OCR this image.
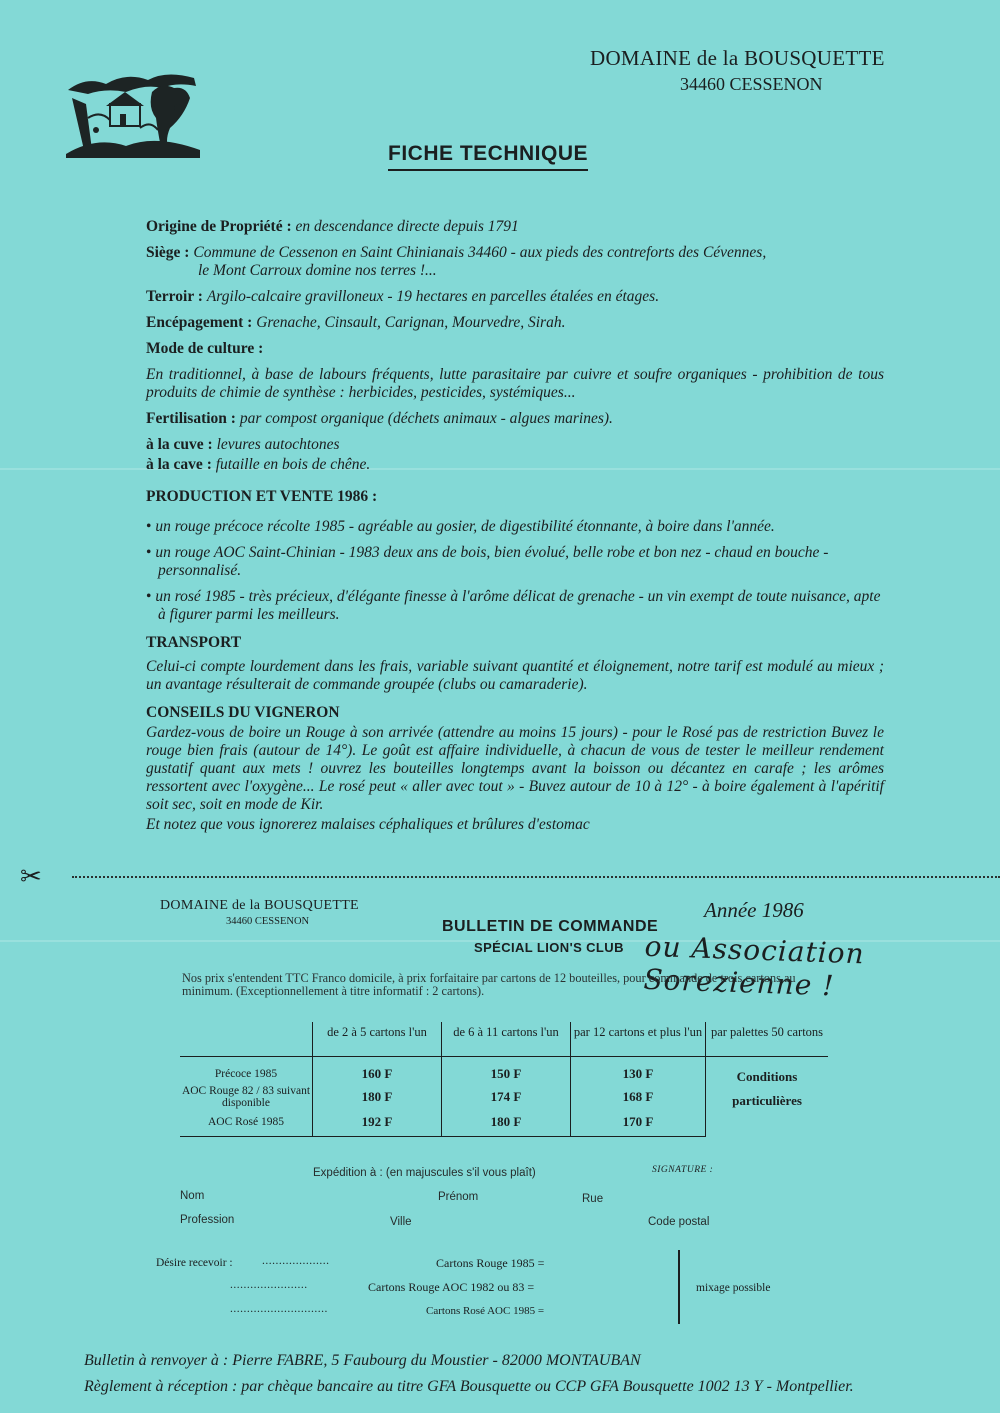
DOMAINE de la BOUSQUETTE
34460 CESSENON
FICHE TECHNIQUE
Origine de Propriété : en descendance directe depuis 1791
Siège : Commune de Cessenon en Saint Chinianais 34460 - aux pieds des contreforts des Cévennes,
le Mont Carroux domine nos terres !...
Terroir : Argilo-calcaire gravilloneux - 19 hectares en parcelles étalées en étages.
Encépagement : Grenache, Cinsault, Carignan, Mourvedre, Sirah.
Mode de culture :
En traditionnel, à base de labours fréquents, lutte parasitaire par cuivre et soufre organiques - prohibition de tous produits de chimie de synthèse : herbicides, pesticides, systémiques...
Fertilisation : par compost organique (déchets animaux - algues marines).
à la cuve : levures autochtones
à la cave : futaille en bois de chêne.
PRODUCTION ET VENTE 1986 :
• un rouge précoce récolte 1985 - agréable au gosier, de digestibilité étonnante, à boire dans l'année.
• un rouge AOC Saint-Chinian - 1983 deux ans de bois, bien évolué, belle robe et bon nez - chaud en bouche - personnalisé.
• un rosé 1985 - très précieux, d'élégante finesse à l'arôme délicat de grenache - un vin exempt de toute nuisance, apte à figurer parmi les meilleurs.
TRANSPORT
Celui-ci compte lourdement dans les frais, variable suivant quantité et éloignement, notre tarif est modulé au mieux ; un avantage résulterait de commande groupée (clubs ou camaraderie).
CONSEILS DU VIGNERON
Gardez-vous de boire un Rouge à son arrivée (attendre au moins 15 jours) - pour le Rosé pas de restriction Buvez le rouge bien frais (autour de 14°). Le goût est affaire individuelle, à chacun de vous de tester le meilleur rendement gustatif quant aux mets ! ouvrez les bouteilles longtemps avant la boisson ou décantez en carafe ; les arômes ressortent avec l'oxygène... Le rosé peut « aller avec tout » - Buvez autour de 10 à 12° - à boire également à l'apéritif soit sec, soit en mode de Kir.
Et notez que vous ignorerez malaises céphaliques et brûlures d'estomac
✂
DOMAINE de la BOUSQUETTE
34460 CESSENON	BULLETIN DE COMMANDE
SPÉCIAL LION'S CLUB
Année 1986
ou Association Sorezienne !
Nos prix s'entendent TTC Franco domicile, à prix forfaitaire par cartons de 12 bouteilles, pour commande de trois cartons au minimum. (Exceptionnellement à titre informatif : 2 cartons).
	de 2 à 5 cartons l'un	de 6 à 11 cartons l'un	par 12 cartons et plus l'un	par palettes 50 cartons
Précoce 1985	160 F	150 F	130 F	Conditions
particulières

AOC Rouge 82 / 83 suivant disponible	180 F	174 F	168 F	
AOC Rosé 1985	192 F	180 F	170 F	
Expédition à : (en majuscules s'il vous plaît)	SIGNATURE :
Nom	Prénom	Rue
Profession	Ville	Code postal
Désire recevoir :	....................	Cartons Rouge 1985 =
.......................	Cartons Rouge AOC 1982 ou 83 =
.............................	Cartons Rosé AOC 1985 =
mixage possible
Bulletin à renvoyer à : Pierre FABRE, 5 Faubourg du Moustier - 82000 MONTAUBAN
Règlement à réception : par chèque bancaire au titre GFA Bousquette ou CCP GFA Bousquette 1002 13 Y - Montpellier.
